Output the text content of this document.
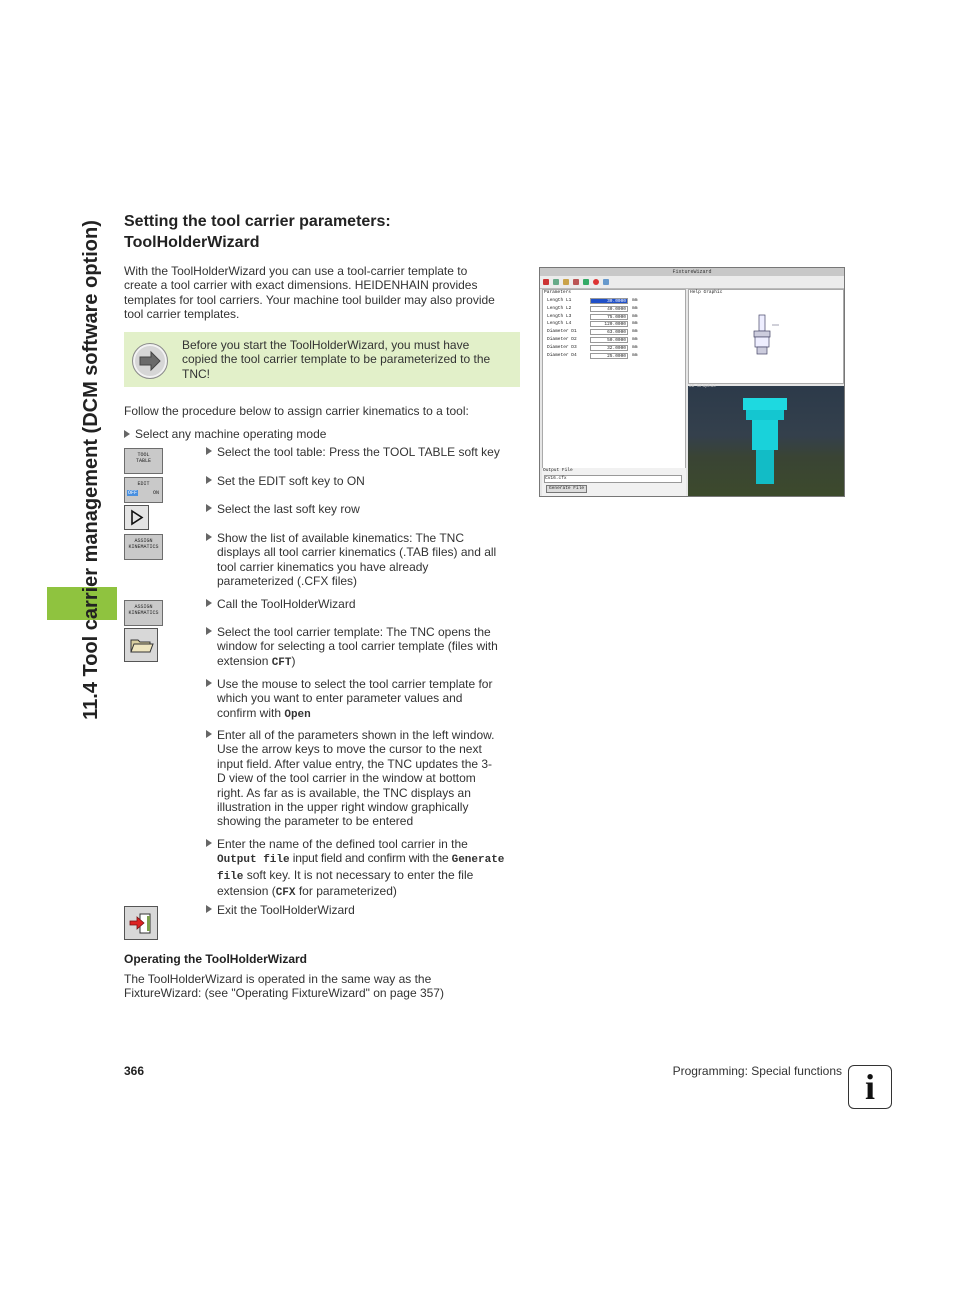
11.4 Tool carrier management (DCM software option) Setting the tool carrier parameters:
ToolHolderWizard
With the ToolHolderWizard you can use a tool-carrier template to
create a tool carrier with exact dimensions. HEIDENHAIN provides
templates for tool carriers. Your machine tool builder may also provide
tool carrier templates.
Before you start the ToolHolderWizard, you must have
copied the tool carrier template to be parameterized to the
TNC!
Follow the procedure below to assign carrier kinematics to a tool:
Select any machine operating mode
TOOL
TABLE
EDIT
OFF	ON
ASSIGN
KINEMATICS
ASSIGN
KINEMATICS
Select the tool table: Press the TOOL TABLE soft key
Set the EDIT soft key to ON
Select the last soft key row
Show the list of available kinematics: The TNC
displays all tool carrier kinematics (.TAB files) and all
tool carrier kinematics you have already
parameterized (.CFX files)
Call the ToolHolderWizard
Select the tool carrier template: The TNC opens the
window for selecting a tool carrier template (files with
extension CFT)
Use the mouse to select the tool carrier template for
which you want to enter parameter values and
confirm with Open
Enter all of the parameters shown in the left window.
Use the arrow keys to move the cursor to the next
input field. After value entry, the TNC updates the 3-
D view of the tool carrier in the window at bottom
right. As far as is available, the TNC displays an
illustration in the upper right window graphically
showing the parameter to be entered
Enter the name of the defined tool carrier in the
Output file input field and confirm with the Generate
file soft key. It is not necessary to enter the file
extension (CFX for parameterized)
Exit the ToolHolderWizard
Operating the ToolHolderWizard
The ToolHolderWizard is operated in the same way as the
FixtureWizard: (see "Operating FixtureWizard" on page 357)
FixtureWizard
Parameters
Length L1	30.0000	mm
Length L2	40.0000	mm
Length L3	75.0000	mm
Length L4	120.0000	mm
Diameter D1	63.0000	mm
Diameter D2	50.0000	mm
Diameter D3	32.0000	mm
Diameter D4	25.0000	mm
Output File
Cv16.cfx
Generate File
Help Graphic
3D Graphic
366	Programming: Special functions i
